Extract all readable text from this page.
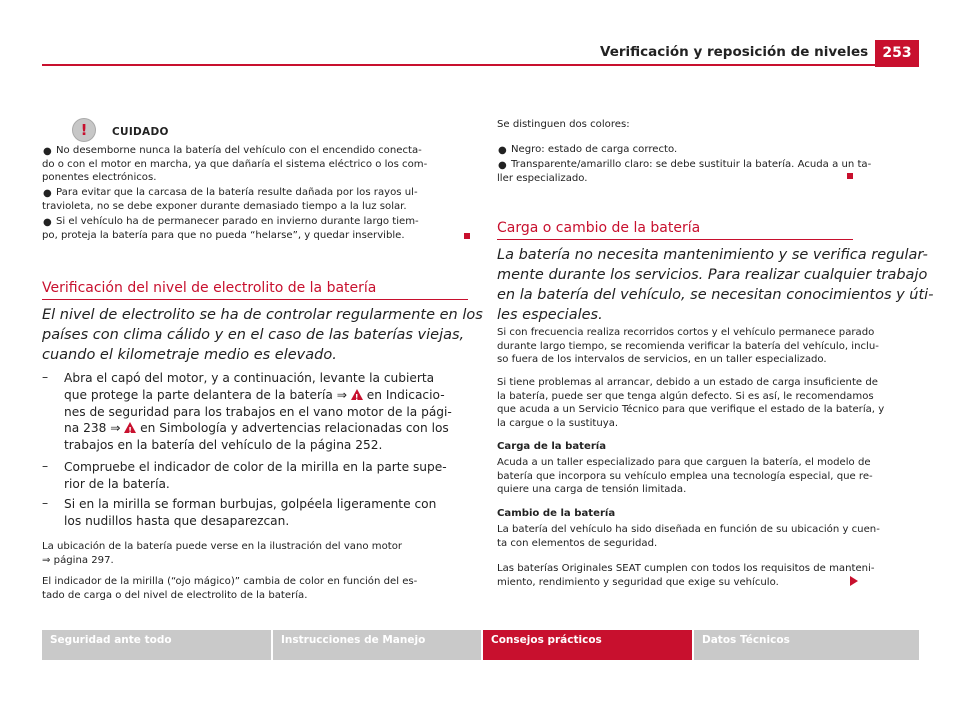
Verificación y reposición de niveles	253
!	CUIDADO
● No desemborne nunca la batería del vehículo con el encendido conecta-
do o con el motor en marcha, ya que dañaría el sistema eléctrico o los com-
ponentes electrónicos.
● Para evitar que la carcasa de la batería resulte dañada por los rayos ul-
travioleta, no se debe exponer durante demasiado tiempo a la luz solar.
● Si el vehículo ha de permanecer parado en invierno durante largo tiem-
po, proteja la batería para que no pueda “helarse”, y quedar inservible.
Verificación del nivel de electrolito de la batería
El nivel de electrolito se ha de controlar regularmente en los
países con clima cálido y en el caso de las baterías viejas,
cuando el kilometraje medio es elevado.
– Abra el capó del motor, y a continuación, levante la cubierta
que protege la parte delantera de la batería ⇒ ! en Indicacio-
nes de seguridad para los trabajos en el vano motor de la pági-
na 238 ⇒ ! en Simbología y advertencias relacionadas con los
trabajos en la batería del vehículo de la página 252.
– Compruebe el indicador de color de la mirilla en la parte supe-
rior de la batería.
– Si en la mirilla se forman burbujas, golpéela ligeramente con
los nudillos hasta que desaparezcan.
La ubicación de la batería puede verse en la ilustración del vano motor
⇒ página 297.
El indicador de la mirilla (“ojo mágico)” cambia de color en función del es-
tado de carga o del nivel de electrolito de la batería.
Se distinguen dos colores:
● Negro: estado de carga correcto.
● Transparente/amarillo claro: se debe sustituir la batería. Acuda a un ta-
ller especializado.
Carga o cambio de la batería
La batería no necesita mantenimiento y se verifica regular-
mente durante los servicios. Para realizar cualquier trabajo
en la batería del vehículo, se necesitan conocimientos y úti-
les especiales.
Si con frecuencia realiza recorridos cortos y el vehículo permanece parado
durante largo tiempo, se recomienda verificar la batería del vehículo, inclu-
so fuera de los intervalos de servicios, en un taller especializado.
Si tiene problemas al arrancar, debido a un estado de carga insuficiente de
la batería, puede ser que tenga algún defecto. Si es así, le recomendamos
que acuda a un Servicio Técnico para que verifique el estado de la batería, y
la cargue o la sustituya.
Carga de la batería
Acuda a un taller especializado para que carguen la batería, el modelo de
batería que incorpora su vehículo emplea una tecnología especial, que re-
quiere una carga de tensión limitada.
Cambio de la batería
La batería del vehículo ha sido diseñada en función de su ubicación y cuen-
ta con elementos de seguridad.
Las baterías Originales SEAT cumplen con todos los requisitos de manteni-
miento, rendimiento y seguridad que exige su vehículo.
Seguridad ante todo	Instrucciones de Manejo	Consejos prácticos	Datos Técnicos
